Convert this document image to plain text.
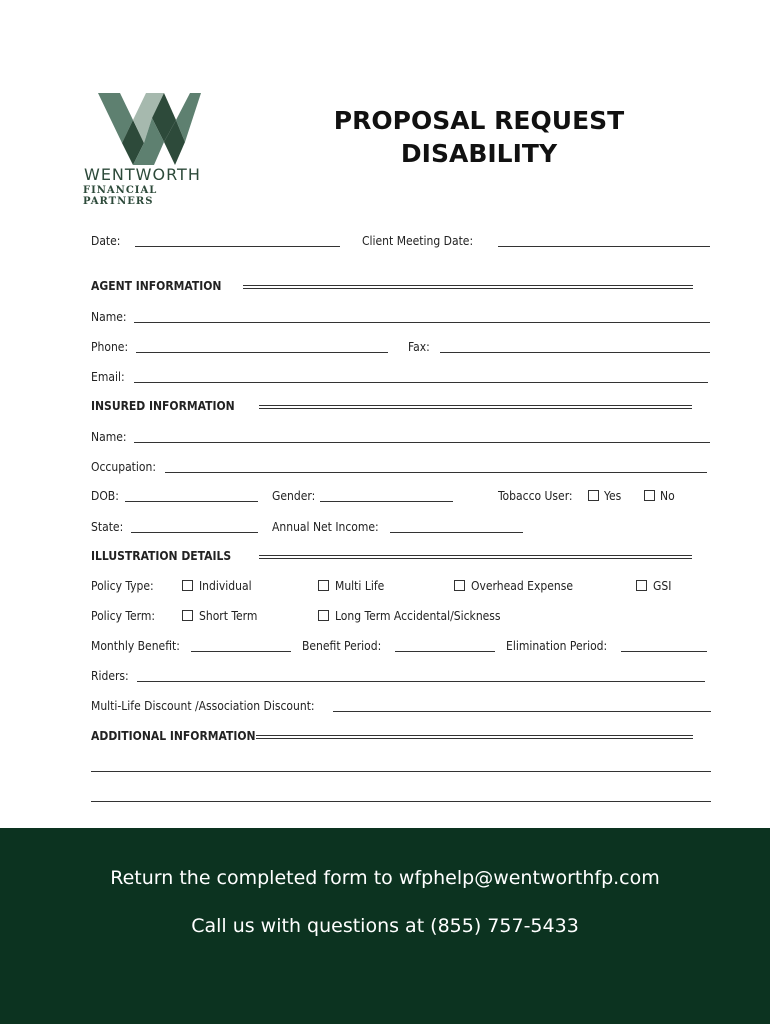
WENTWORTH
FINANCIAL PARTNERS
PROPOSAL REQUEST
DISABILITY
Date:	Client Meeting Date:
AGENT INFORMATION
Name:
Phone:	Fax:
Email:
INSURED INFORMATION
Name:
Occupation:
DOB:	Gender:	Tobacco User:	Yes	No
State:	Annual Net Income:
ILLUSTRATION DETAILS
Policy Type:	Individual	Multi Life	Overhead Expense	GSI
Policy Term:	Short Term	Long Term Accidental/Sickness
Monthly Benefit:	Benefit Period:	Elimination Period:
Riders:
Multi-Life Discount /Association Discount:
ADDITIONAL INFORMATION
Return the completed form to wfphelp@wentworthfp.com
Call us with questions at (855) 757-5433
